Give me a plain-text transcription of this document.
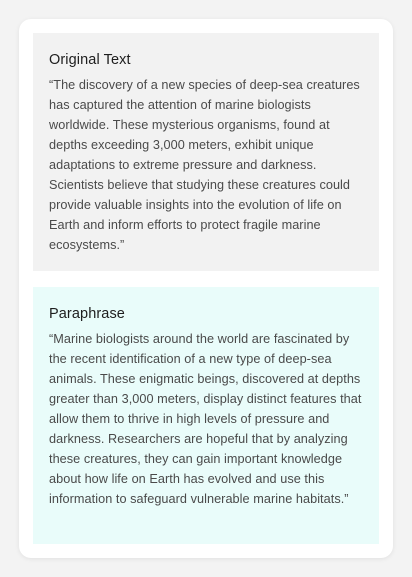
Original Text

“The discovery of a new species of deep-sea creatures has captured the attention of marine biologists worldwide. These mysterious organisms, found at depths exceeding 3,000 meters, exhibit unique adaptations to extreme pressure and darkness. Scientists believe that studying these creatures could provide valuable insights into the evolution of life on Earth and inform efforts to protect fragile marine ecosystems.”

Paraphrase

“Marine biologists around the world are fascinated by the recent identification of a new type of deep-sea animals. These enigmatic beings, discovered at depths greater than 3,000 meters, display distinct features that allow them to thrive in high levels of pressure and darkness. Researchers are hopeful that by analyzing these creatures, they can gain important knowledge about how life on Earth has evolved and use this information to safeguard vulnerable marine habitats.”
